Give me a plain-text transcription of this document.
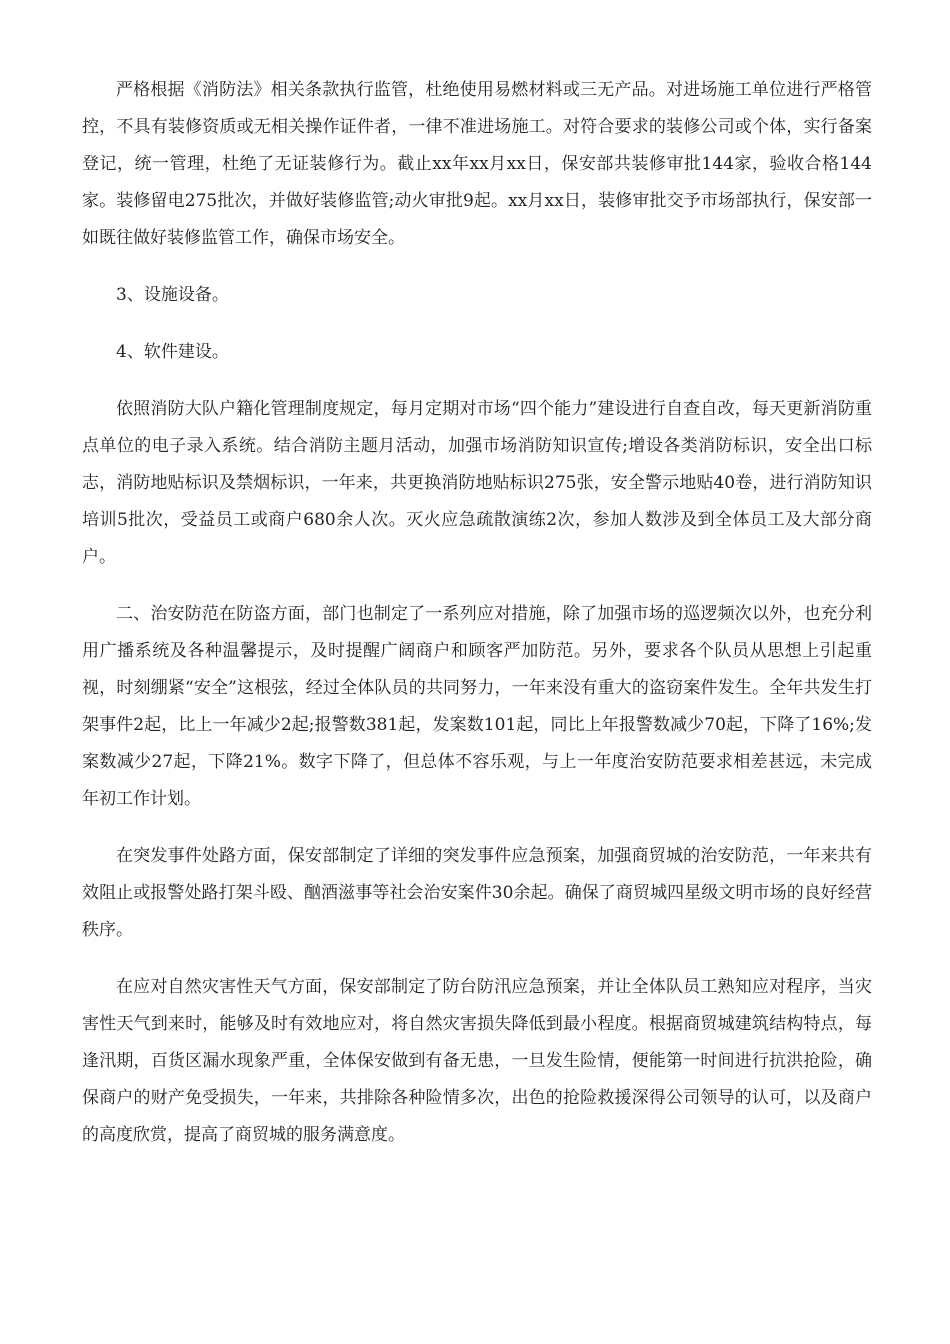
严格根据《消防法》相关条款执行监管，杜绝使用易燃材料或三无产品。对进场施工单位进行严格管控，不具有装修资质或无相关操作证件者，一律不准进场施工。对符合要求的装修公司或个体，实行备案登记，统一管理，杜绝了无证装修行为。截止xx年xx月xx日，保安部共装修审批144家，验收合格144家。装修留电275批次，并做好装修监管;动火审批9起。xx月xx日，装修审批交予市场部执行，保安部一如既往做好装修监管工作，确保市场安全。

3、设施设备。

4、软件建设。

依照消防大队户籍化管理制度规定，每月定期对市场“四个能力”建设进行自查自改，每天更新消防重点单位的电子录入系统。结合消防主题月活动，加强市场消防知识宣传;增设各类消防标识，安全出口标志，消防地贴标识及禁烟标识，一年来，共更换消防地贴标识275张，安全警示地贴40卷，进行消防知识培训5批次，受益员工或商户680余人次。灭火应急疏散演练2次，参加人数涉及到全体员工及大部分商户。

二、治安防范在防盗方面，部门也制定了一系列应对措施，除了加强市场的巡逻频次以外，也充分利用广播系统及各种温馨提示，及时提醒广阔商户和顾客严加防范。另外，要求各个队员从思想上引起重视，时刻绷紧“安全”这根弦，经过全体队员的共同努力，一年来没有重大的盗窃案件发生。全年共发生打架事件2起，比上一年减少2起;报警数381起，发案数101起，同比上年报警数减少70起，下降了16%;发案数减少27起，下降21%。数字下降了，但总体不容乐观，与上一年度治安防范要求相差甚远，未完成年初工作计划。

在突发事件处路方面，保安部制定了详细的突发事件应急预案，加强商贸城的治安防范，一年来共有效阻止或报警处路打架斗殴、酗酒滋事等社会治安案件30余起。确保了商贸城四星级文明市场的良好经营秩序。

在应对自然灾害性天气方面，保安部制定了防台防汛应急预案，并让全体队员工熟知应对程序，当灾害性天气到来时，能够及时有效地应对，将自然灾害损失降低到最小程度。根据商贸城建筑结构特点，每逢汛期，百货区漏水现象严重，全体保安做到有备无患，一旦发生险情，便能第一时间进行抗洪抢险，确保商户的财产免受损失，一年来，共排除各种险情多次，出色的抢险救援深得公司领导的认可，以及商户的高度欣赏，提高了商贸城的服务满意度。
